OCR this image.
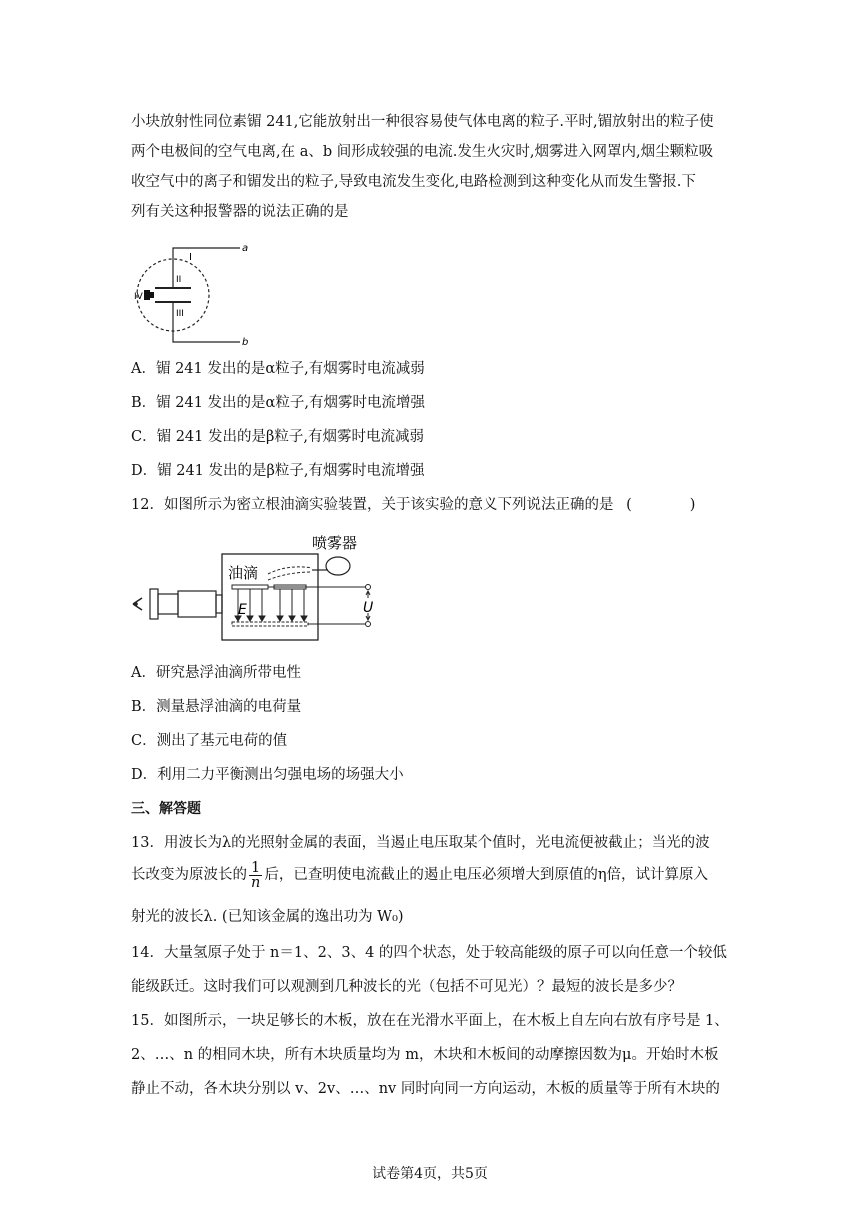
小块放射性同位素镅 241,它能放射出一种很容易使气体电离的粒子.平时,镅放射出的粒子使
两个电极间的空气电离,在 a、b 间形成较强的电流.发生火灾时,烟雾进入网罩内,烟尘颗粒吸
收空气中的离子和镅发出的粒子,导致电流发生变化,电路检测到这种变化从而发生警报.下
列有关这种报警器的说法正确的是
I
II
III
IV
a
b
A．镅 241 发出的是α粒子,有烟雾时电流减弱
B．镅 241 发出的是α粒子,有烟雾时电流增强
C．镅 241 发出的是β粒子,有烟雾时电流减弱
D．镅 241 发出的是β粒子,有烟雾时电流增强
12．如图所示为密立根油滴实验装置，关于该实验的意义下列说法正确的是 (　　　　)
油滴
喷雾器
E	U
A．研究悬浮油滴所带电性
B．测量悬浮油滴的电荷量
C．测出了基元电荷的值
D．利用二力平衡测出匀强电场的场强大小
三、解答题
13．用波长为λ的光照射金属的表面，当遏止电压取某个值时，光电流便被截止；当光的波
长改变为原波长的 $\frac{1}{n}$ 后，已查明使电流截止的遏止电压必须增大到原值的η倍，试计算原入
射光的波长λ. (已知该金属的逸出功为 W₀)
14．大量氢原子处于 n＝1、2、3、4 的四个状态，处于较高能级的原子可以向任意一个较低
能级跃迁。这时我们可以观测到几种波长的光（包括不可见光）？最短的波长是多少？
15．如图所示，一块足够长的木板，放在在光滑水平面上，在木板上自左向右放有序号是 1、
2、…、n 的相同木块，所有木块质量均为 m，木块和木板间的动摩擦因数为μ。开始时木板
静止不动，各木块分别以 v、2v、…、nv 同时向同一方向运动，木板的质量等于所有木块的
试卷第4页，共5页
